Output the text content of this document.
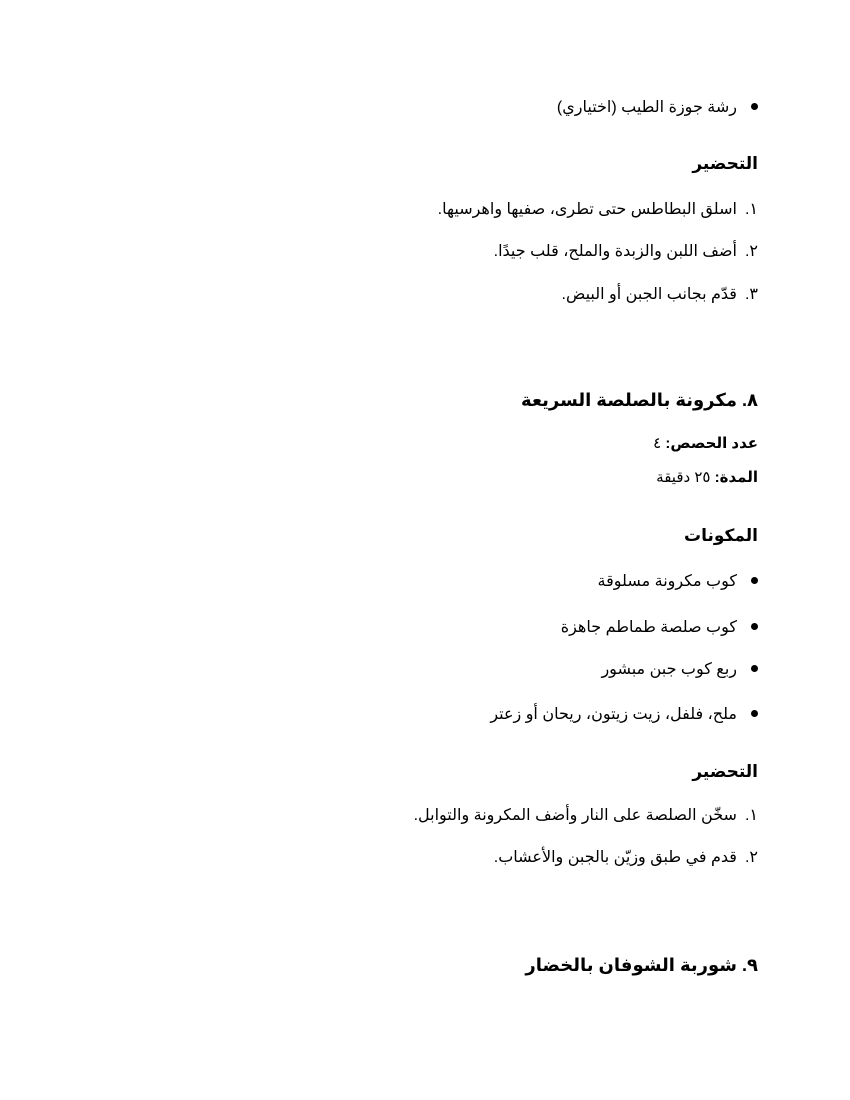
رشة جوزة الطيب (اختياري)
التحضير
١.اسلق البطاطس حتى تطرى، صفيها واهرسيها.
٢.أضف اللبن والزبدة والملح، قلب جيدًا.
٣.قدّم بجانب الجبن أو البيض.
٨. مكرونة بالصلصة السريعة
عدد الحصص: ٤
المدة: ٢٥ دقيقة
المكونات
كوب مكرونة مسلوقة
كوب صلصة طماطم جاهزة
ربع كوب جبن مبشور
ملح، فلفل، زيت زيتون، ريحان أو زعتر
التحضير
١.سخّن الصلصة على النار وأضف المكرونة والتوابل.
٢.قدم في طبق وزيّن بالجبن والأعشاب.
٩. شوربة الشوفان بالخضار
